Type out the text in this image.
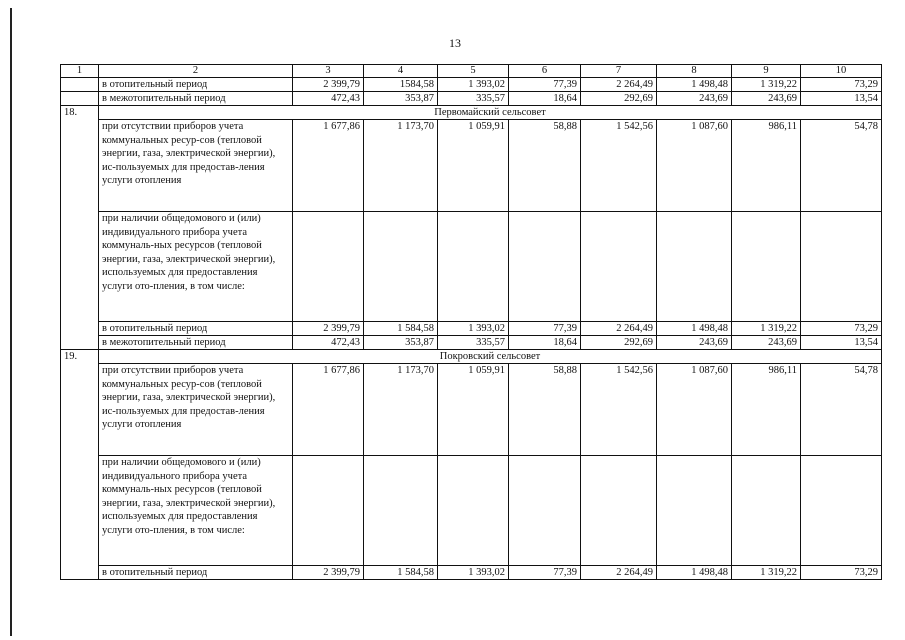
13
1	2	3	4	5	6	7	8	9	10
	в отопительный период	2 399,79	1584,58	1 393,02	77,39	2 264,49	1 498,48	1 319,22	73,29
	в межотопительный период	472,43	353,87	335,57	18,64	292,69	243,69	243,69	13,54
18.	Первомайский сельсовет								
	при отсутствии приборов учета коммунальных ресур-сов (тепловой энергии, газа, электрической энергии), ис-пользуемых для предостав-ления услуги отопления	1 677,86	1 173,70	1 059,91	58,88	1 542,56	1 087,60	986,11	54,78
	при наличии общедомового и (или) индивидуального прибора учета коммуналь-ных ресурсов (тепловой энергии, газа, электрической энергии), используемых для предоставления услуги ото-пления, в том числе:								
	в отопительный период	2 399,79	1 584,58	1 393,02	77,39	2 264,49	1 498,48	1 319,22	73,29
	в межотопительный период	472,43	353,87	335,57	18,64	292,69	243,69	243,69	13,54
19.	Покровский сельсовет								
	при отсутствии приборов учета коммунальных ресур-сов (тепловой энергии, газа, электрической энергии), ис-пользуемых для предостав-ления услуги отопления	1 677,86	1 173,70	1 059,91	58,88	1 542,56	1 087,60	986,11	54,78
	при наличии общедомового и (или) индивидуального прибора учета коммуналь-ных ресурсов (тепловой энергии, газа, электрической энергии), используемых для предоставления услуги ото-пления, в том числе:								
	в отопительный период	2 399,79	1 584,58	1 393,02	77,39	2 264,49	1 498,48	1 319,22	73,29
